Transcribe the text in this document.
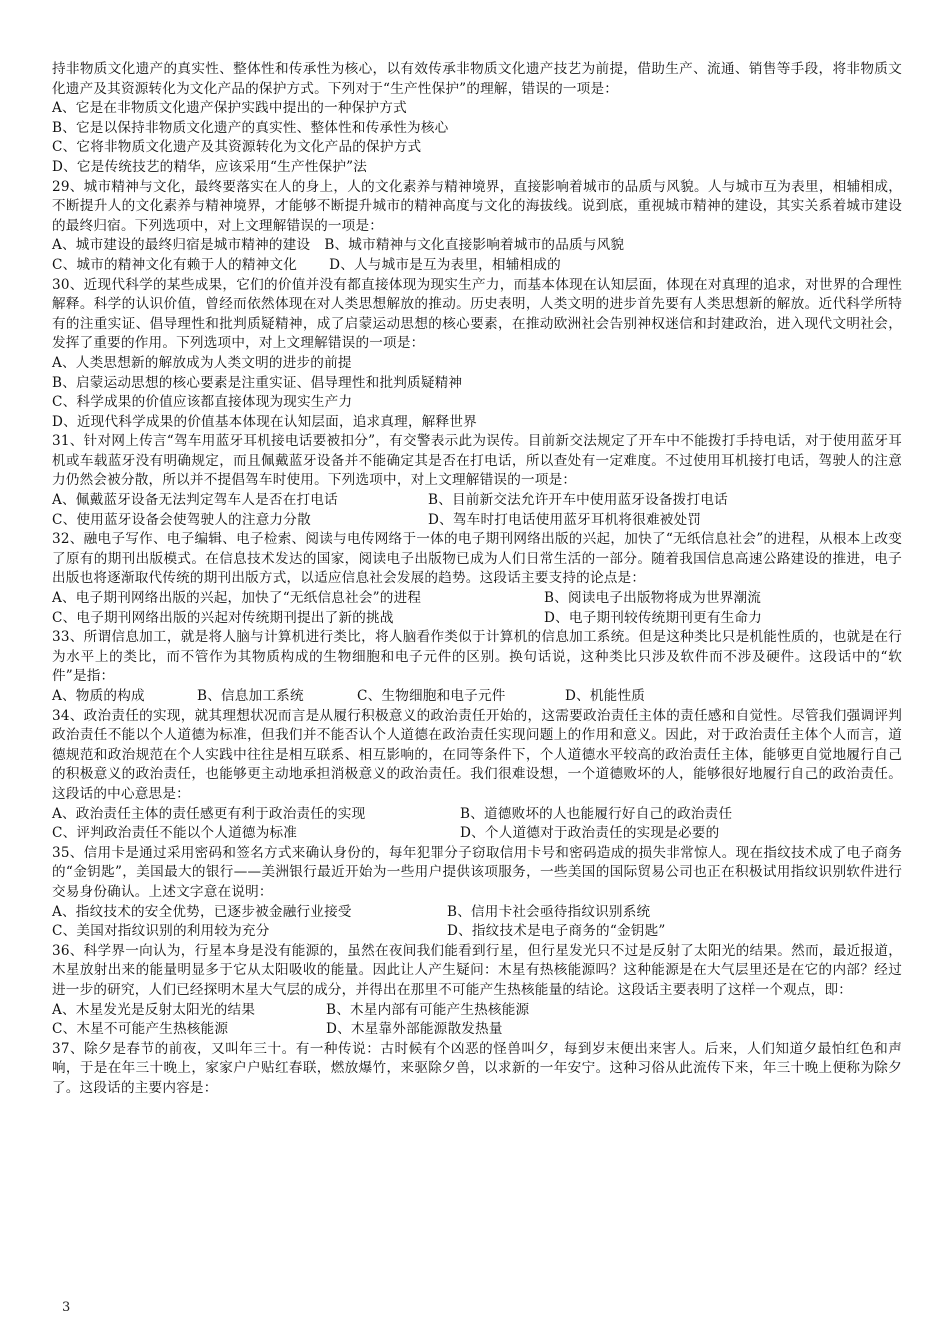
持非物质文化遗产的真实性、整体性和传承性为核心，以有效传承非物质文化遗产技艺为前提，借助生产、流通、销售等手段，将非物质文化遗产及其资源转化为文化产品的保护方式。下列对于“生产性保护”的理解，错误的一项是：

A、它是在非物质文化遗产保护实践中提出的一种保护方式

B、它是以保持非物质文化遗产的真实性、整体性和传承性为核心

C、它将非物质文化遗产及其资源转化为文化产品的保护方式

D、它是传统技艺的精华，应该采用“生产性保护”法

29、城市精神与文化，最终要落实在人的身上，人的文化素养与精神境界，直接影响着城市的品质与风貌。人与城市互为表里，相辅相成，不断提升人的文化素养与精神境界，才能够不断提升城市的精神高度与文化的海拔线。说到底，重视城市精神的建设，其实关系着城市建设的最终归宿。下列选项中，对上文理解错误的一项是：

A、城市建设的最终归宿是城市精神的建设 B、城市精神与文化直接影响着城市的品质与风貌
C、城市的精神文化有赖于人的精神文化 D、人与城市是互为表里，相辅相成的

30、近现代科学的某些成果，它们的价值并没有都直接体现为现实生产力，而基本体现在认知层面，体现在对真理的追求，对世界的合理性解释。科学的认识价值，曾经而依然体现在对人类思想解放的推动。历史表明，人类文明的进步首先要有人类思想新的解放。近代科学所特有的注重实证、倡导理性和批判质疑精神，成了启蒙运动思想的核心要素，在推动欧洲社会告别神权迷信和封建政治，进入现代文明社会，发挥了重要的作用。下列选项中，对上文理解错误的一项是：

A、人类思想新的解放成为人类文明的进步的前提

B、启蒙运动思想的核心要素是注重实证、倡导理性和批判质疑精神

C、科学成果的价值应该都直接体现为现实生产力

D、近现代科学成果的价值基本体现在认知层面，追求真理，解释世界

31、针对网上传言“驾车用蓝牙耳机接电话要被扣分”，有交警表示此为误传。目前新交法规定了开车中不能拨打手持电话，对于使用蓝牙耳机或车载蓝牙没有明确规定，而且佩戴蓝牙设备并不能确定其是否在打电话，所以查处有一定难度。不过使用耳机接打电话，驾驶人的注意力仍然会被分散，所以并不提倡驾车时使用。下列选项中，对上文理解错误的一项是：

A、佩戴蓝牙设备无法判定驾车人是否在打电话	B、目前新交法允许开车中使用蓝牙设备拨打电话
C、使用蓝牙设备会使驾驶人的注意力分散	D、驾车时打电话使用蓝牙耳机将很难被处罚

32、融电子写作、电子编辑、电子检索、阅读与电传网络于一体的电子期刊网络出版的兴起，加快了“无纸信息社会”的进程，从根本上改变了原有的期刊出版模式。在信息技术发达的国家，阅读电子出版物已成为人们日常生活的一部分。随着我国信息高速公路建设的推进，电子出版也将逐渐取代传统的期刊出版方式，以适应信息社会发展的趋势。这段话主要支持的论点是：

A、电子期刊网络出版的兴起，加快了“无纸信息社会”的进程	B、阅读电子出版物将成为世界潮流
C、电子期刊网络出版的兴起对传统期刊提出了新的挑战	D、电子期刊较传统期刊更有生命力

33、所谓信息加工，就是将人脑与计算机进行类比，将人脑看作类似于计算机的信息加工系统。但是这种类比只是机能性质的，也就是在行为水平上的类比，而不管作为其物质构成的生物细胞和电子元件的区别。换句话说，这种类比只涉及软件而不涉及硬件。这段话中的“软件”是指：

A、物质的构成	B、信息加工系统	C、生物细胞和电子元件	D、机能性质

34、政治责任的实现，就其理想状况而言是从履行积极意义的政治责任开始的，这需要政治责任主体的责任感和自觉性。尽管我们强调评判政治责任不能以个人道德为标准，但我们并不能否认个人道德在政治责任实现问题上的作用和意义。因此，对于政治责任主体个人而言，道德规范和政治规范在个人实践中往往是相互联系、相互影响的，在同等条件下，个人道德水平较高的政治责任主体，能够更自觉地履行自己的积极意义的政治责任，也能够更主动地承担消极意义的政治责任。我们很难设想，一个道德败坏的人，能够很好地履行自己的政治责任。这段话的中心意思是：

A、政治责任主体的责任感更有利于政治责任的实现	B、道德败坏的人也能履行好自己的政治责任
C、评判政治责任不能以个人道德为标准	D、个人道德对于政治责任的实现是必要的

35、信用卡是通过采用密码和签名方式来确认身份的，每年犯罪分子窃取信用卡号和密码造成的损失非常惊人。现在指纹技术成了电子商务的“金钥匙”，美国最大的银行——美洲银行最近开始为一些用户提供该项服务，一些美国的国际贸易公司也正在积极试用指纹识别软件进行交易身份确认。上述文字意在说明：

A、指纹技术的安全优势，已逐步被金融行业接受	B、信用卡社会亟待指纹识别系统
C、美国对指纹识别的利用较为充分	D、指纹技术是电子商务的“金钥匙”

36、科学界一向认为，行星本身是没有能源的，虽然在夜间我们能看到行星，但行星发光只不过是反射了太阳光的结果。然而，最近报道，木星放射出来的能量明显多于它从太阳吸收的能量。因此让人产生疑问：木星有热核能源吗？这种能源是在大气层里还是在它的内部？经过进一步的研究，人们已经探明木星大气层的成分，并得出在那里不可能产生热核能量的结论。这段话主要表明了这样一个观点，即：

A、木星发光是反射太阳光的结果	B、木星内部有可能产生热核能源
C、木星不可能产生热核能源	D、木星靠外部能源散发热量

37、除夕是春节的前夜，又叫年三十。有一种传说：古时候有个凶恶的怪兽叫夕，每到岁末便出来害人。后来，人们知道夕最怕红色和声响，于是在年三十晚上，家家户户贴红春联，燃放爆竹，来驱除夕兽，以求新的一年安宁。这种习俗从此流传下来，年三十晚上便称为除夕了。这段话的主要内容是：

3
